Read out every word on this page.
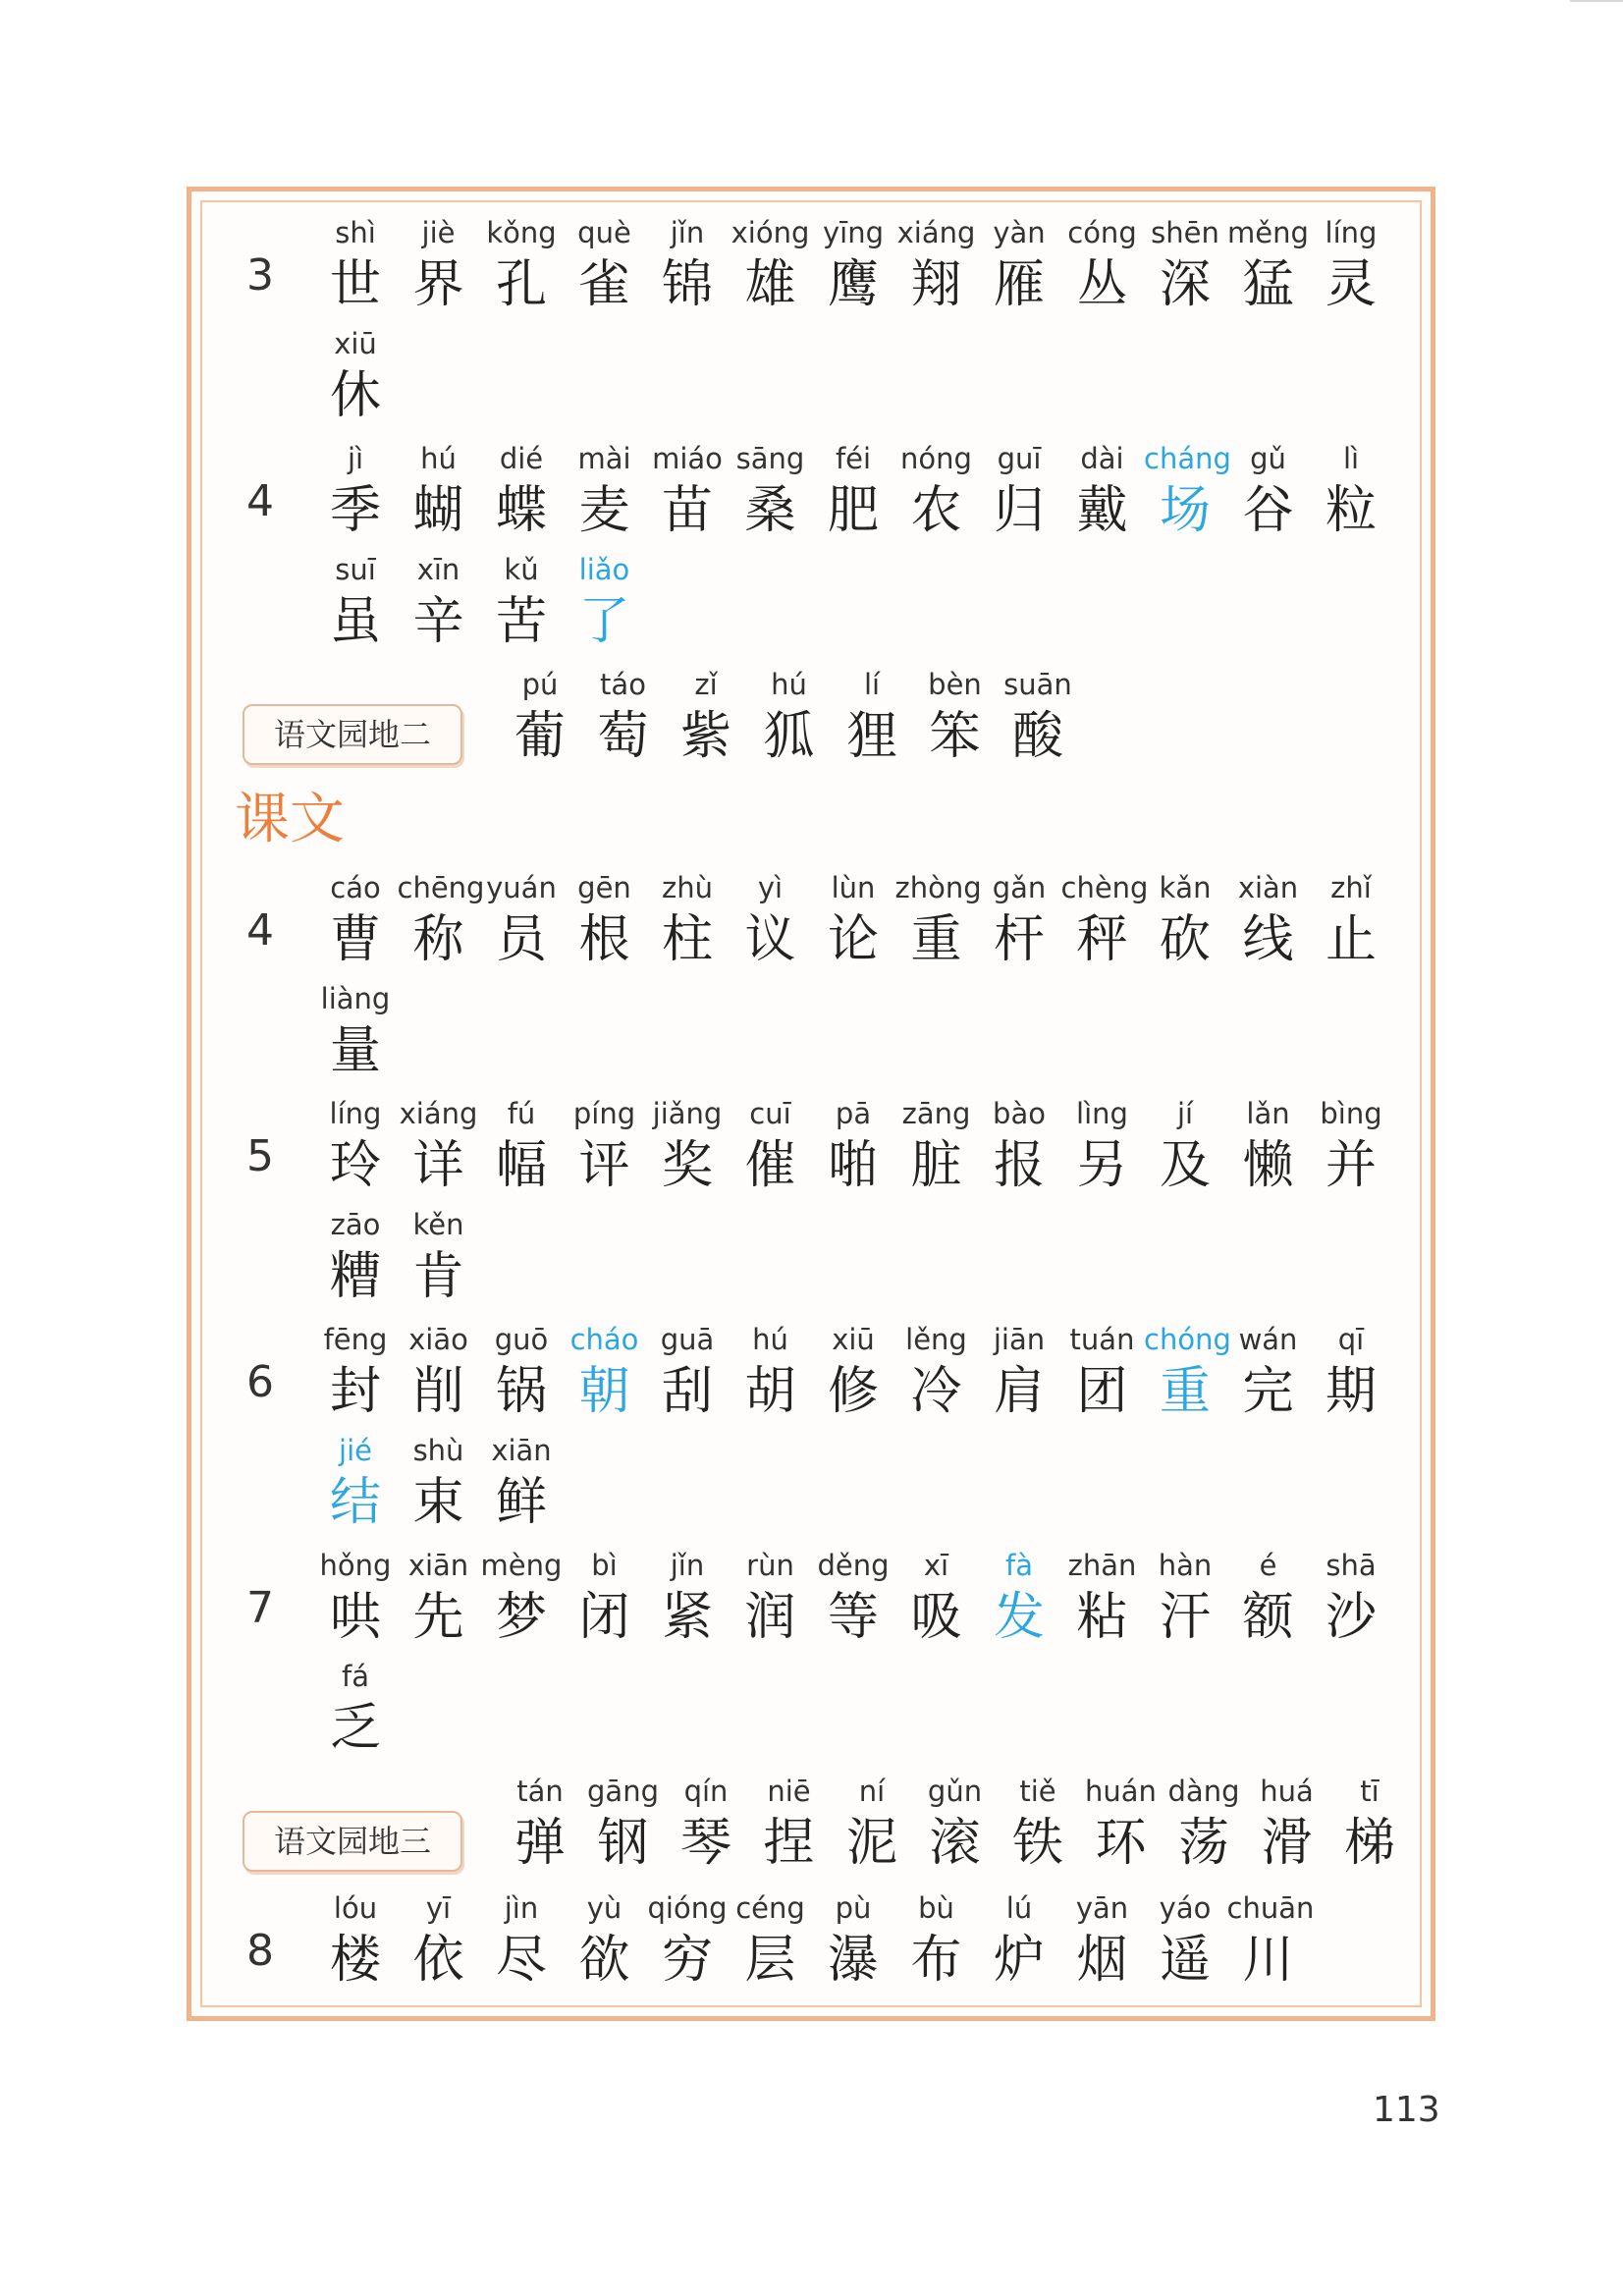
3
shì
世
jiè
界
kǒng
孔
què
雀
jǐn
锦
xióng
雄
yīng
鹰
xiáng
翔
yàn
雁
cóng
丛
shēn
深
měng
猛
líng
灵
xiū
休
4
jì
季
hú
蝴
dié
蝶
mài
麦
miáo
苗
sāng
桑
féi
肥
nóng
农
guī
归
dài
戴
cháng
场
gǔ
谷
lì
粒
suī
虽
xīn
辛
kǔ
苦
liǎo
了
语文园地二
pú
葡
táo
萄
zǐ
紫
hú
狐
lí
狸
bèn
笨
suān
酸
课文
4
cáo
曹
chēng
称
yuán
员
gēn
根
zhù
柱
yì
议
lùn
论
zhòng
重
gǎn
杆
chèng
秤
kǎn
砍
xiàn
线
zhǐ
止
liàng
量
5
líng
玲
xiáng
详
fú
幅
píng
评
jiǎng
奖
cuī
催
pā
啪
zāng
脏
bào
报
lìng
另
jí
及
lǎn
懒
bìng
并
zāo
糟
kěn
肯
6
fēng
封
xiāo
削
guō
锅
cháo
朝
guā
刮
hú
胡
xiū
修
lěng
冷
jiān
肩
tuán
团
chóng
重
wán
完
qī
期
jié
结
shù
束
xiān
鲜
7
hǒng
哄
xiān
先
mèng
梦
bì
闭
jǐn
紧
rùn
润
děng
等
xī
吸
fà
发
zhān
粘
hàn
汗
é
额
shā
沙
fá
乏
语文园地三
tán
弹
gāng
钢
qín
琴
niē
捏
ní
泥
gǔn
滚
tiě
铁
huán
环
dàng
荡
huá
滑
tī
梯
8
lóu
楼
yī
依
jìn
尽
yù
欲
qióng
穷
céng
层
pù
瀑
bù
布
lú
炉
yān
烟
yáo
遥
chuān
川
113
